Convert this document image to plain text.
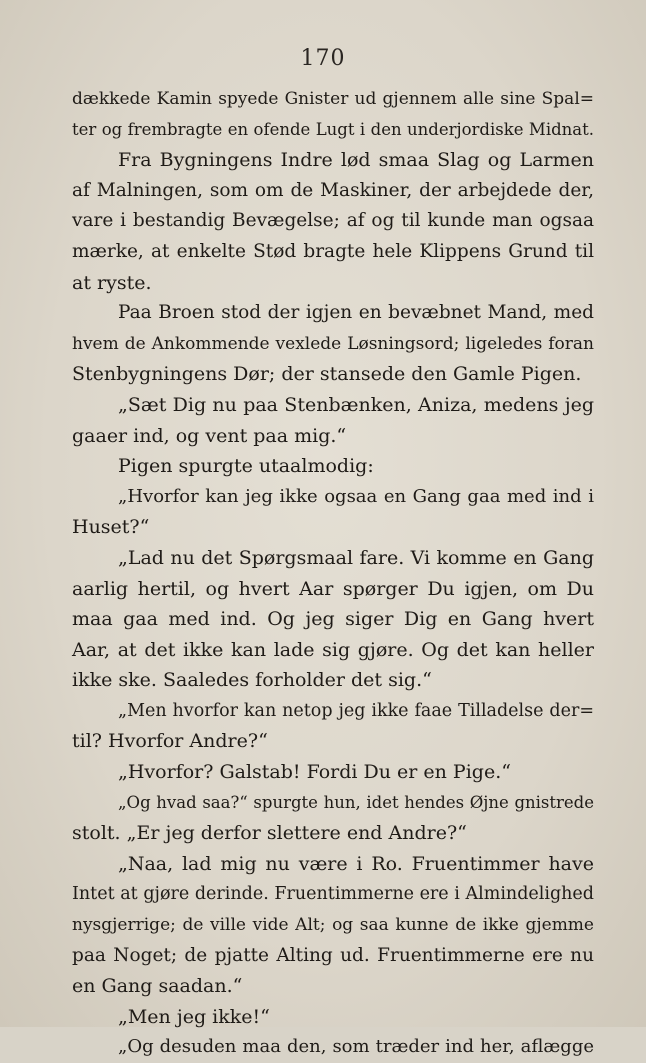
170
dækkede Kamin spyede Gnister ud gjennem alle sine Spal=
ter og frembragte en ofende Lugt i den underjordiske Midnat.
Fra Bygningens Indre lød smaa Slag og Larmen
af Malningen, som om de Maskiner, der arbejdede der,
vare i bestandig Bevægelse; af og til kunde man ogsaa
mærke, at enkelte Stød bragte hele Klippens Grund til
at ryste.
Paa Broen stod der igjen en bevæbnet Mand, med
hvem de Ankommende vexlede Løsningsord; ligeledes foran
Stenbygningens Dør; der stansede den Gamle Pigen.
„Sæt Dig nu paa Stenbænken, Aniza, medens jeg
gaaer ind, og vent paa mig.“
Pigen spurgte utaalmodig:
„Hvorfor kan jeg ikke ogsaa en Gang gaa med ind i
Huset?“
„Lad nu det Spørgsmaal fare. Vi komme en Gang
aarlig hertil, og hvert Aar spørger Du igjen, om Du
maa gaa med ind. Og jeg siger Dig en Gang hvert
Aar, at det ikke kan lade sig gjøre. Og det kan heller
ikke ske. Saaledes forholder det sig.“
„Men hvorfor kan netop jeg ikke faae Tilladelse der=
til? Hvorfor Andre?“
„Hvorfor? Galstab! Fordi Du er en Pige.“
„Og hvad saa?“ spurgte hun, idet hendes Øjne gnistrede
stolt. „Er jeg derfor slettere end Andre?“
„Naa, lad mig nu være i Ro. Fruentimmer have
Intet at gjøre derinde. Fruentimmerne ere i Almindelighed
nysgjerrige; de ville vide Alt; og saa kunne de ikke gjemme
paa Noget; de pjatte Alting ud. Fruentimmerne ere nu
en Gang saadan.“
„Men jeg ikke!“
„Og desuden maa den, som træder ind her, aflægge
